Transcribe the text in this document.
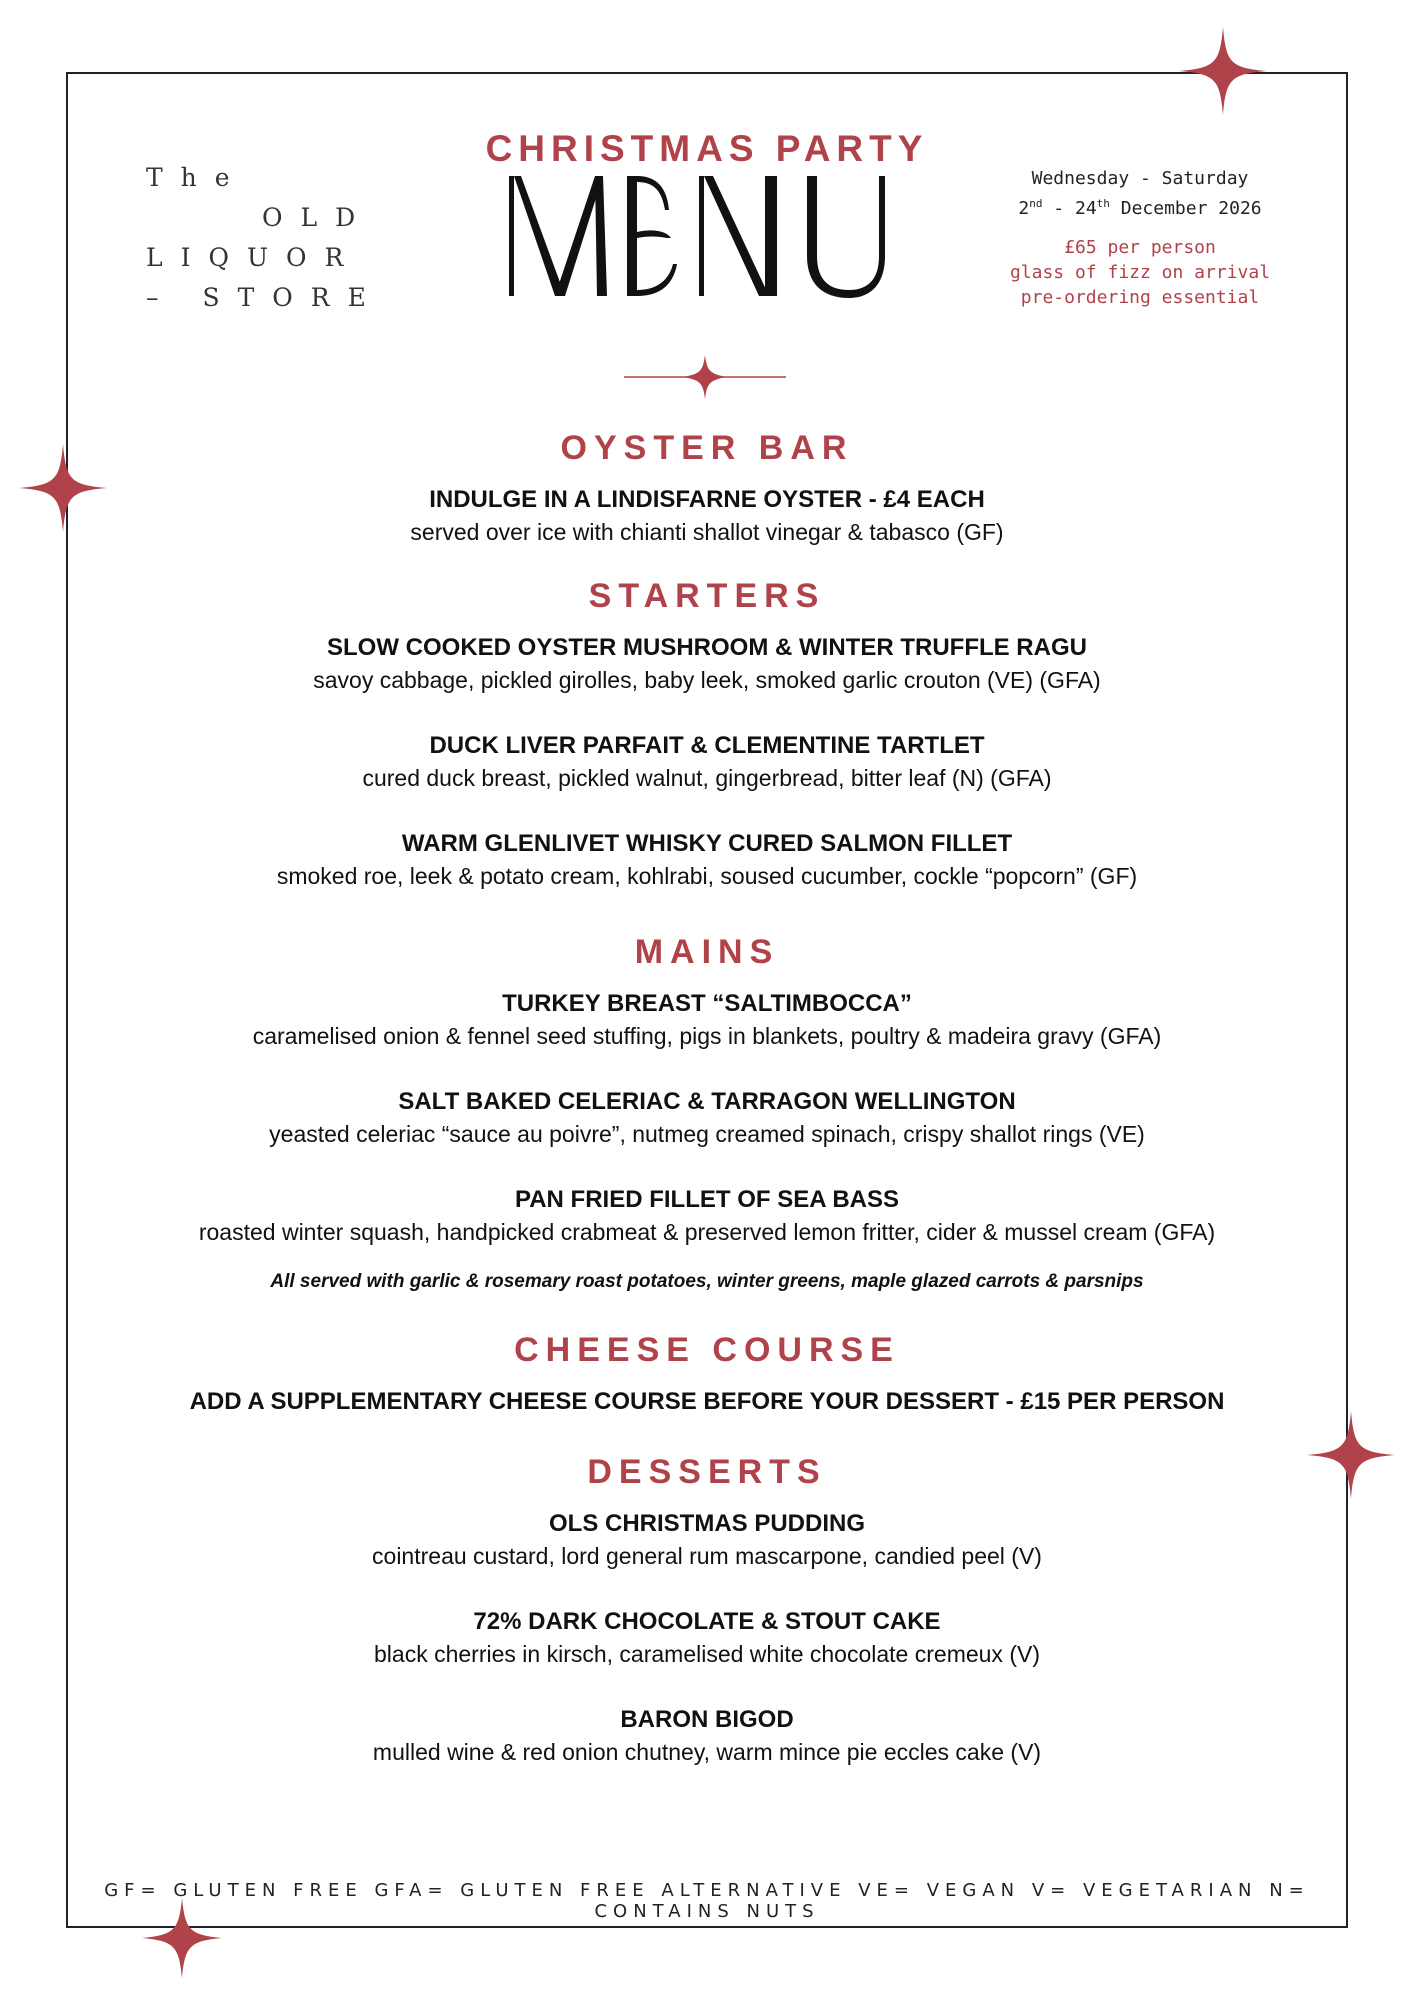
The
OLD
LIQUOR
– STORE
CHRISTMAS PARTY
Wednesday - Saturday
2nd - 24th December 2026
£65 per person
glass of fizz on arrival
pre-ordering essential
OYSTER BAR

INDULGE IN A LINDISFARNE OYSTER - £4 EACH

served over ice with chianti shallot vinegar & tabasco (GF)

STARTERS

SLOW COOKED OYSTER MUSHROOM & WINTER TRUFFLE RAGU

savoy cabbage, pickled girolles, baby leek, smoked garlic crouton (VE) (GFA)

DUCK LIVER PARFAIT & CLEMENTINE TARTLET

cured duck breast, pickled walnut, gingerbread, bitter leaf (N) (GFA)

WARM GLENLIVET WHISKY CURED SALMON FILLET

smoked roe, leek & potato cream, kohlrabi, soused cucumber, cockle “popcorn” (GF)

MAINS

TURKEY BREAST “SALTIMBOCCA”

caramelised onion & fennel seed stuffing, pigs in blankets, poultry & madeira gravy (GFA)

SALT BAKED CELERIAC & TARRAGON WELLINGTON

yeasted celeriac “sauce au poivre”, nutmeg creamed spinach, crispy shallot rings (VE)

PAN FRIED FILLET OF SEA BASS

roasted winter squash, handpicked crabmeat & preserved lemon fritter, cider & mussel cream (GFA)

All served with garlic & rosemary roast potatoes, winter greens, maple glazed carrots & parsnips

CHEESE COURSE

ADD A SUPPLEMENTARY CHEESE COURSE BEFORE YOUR DESSERT - £15 PER PERSON

DESSERTS

OLS CHRISTMAS PUDDING

cointreau custard, lord general rum mascarpone, candied peel (V)

72% DARK CHOCOLATE & STOUT CAKE

black cherries in kirsch, caramelised white chocolate cremeux (V)

BARON BIGOD

mulled wine & red onion chutney, warm mince pie eccles cake (V)

GF= GLUTEN FREE GFA= GLUTEN FREE ALTERNATIVE VE= VEGAN V= VEGETARIAN N= CONTAINS NUTS
